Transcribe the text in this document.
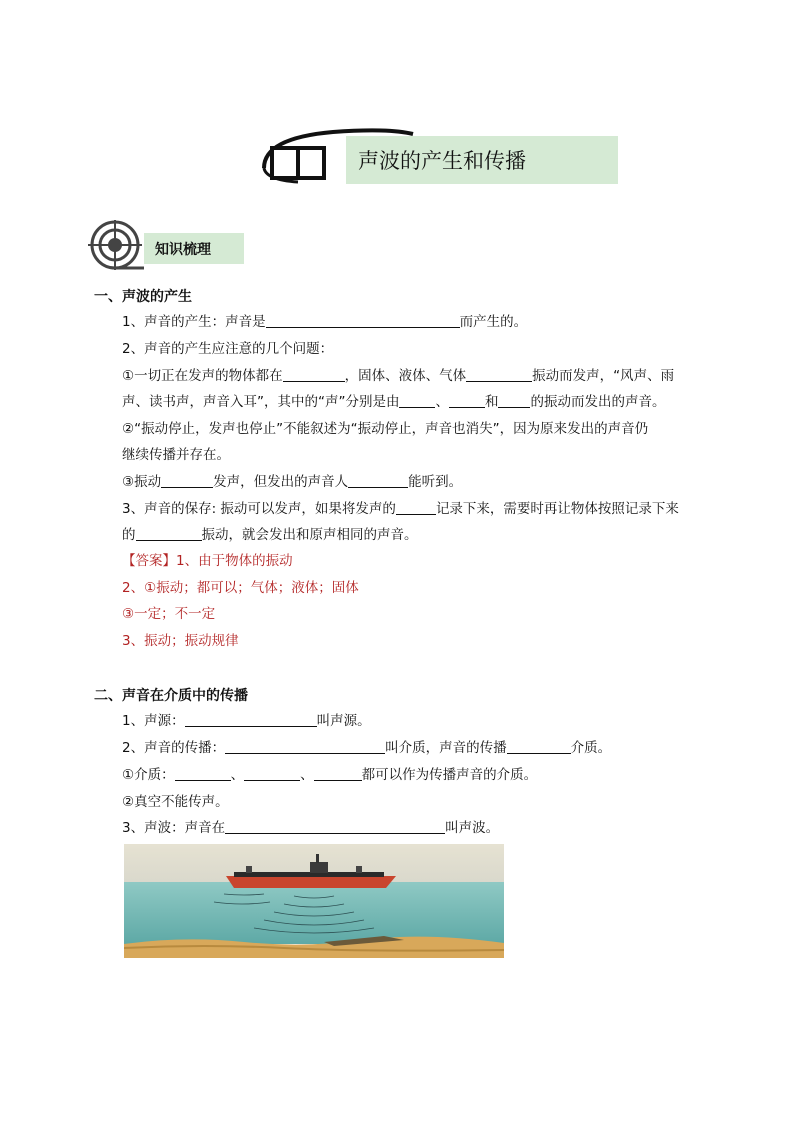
声波的产生和传播
知识梳理
一、声波的产生
1、声音的产生：声音是	而产生的。
2、声音的产生应注意的几个问题：
①一切正在发声的物体都在	，固体、液体、气体	振动而发声，“风声、雨
声、读书声，声音入耳”，其中的“声”分别是由	、	和 的振动而发出的声音。
②“振动停止，发声也停止”不能叙述为“振动停止，声音也消失”，因为原来发出的声音仍
继续传播并存在。
③振动	发声，但发出的声音人	能听到。
3、声音的保存: 振动可以发声，如果将发声的	记录下来，需要时再让物体按照记录下来
的	振动，就会发出和原声相同的声音。
【答案】1、由于物体的振动
2、①振动；都可以；气体；液体；固体
③一定；不一定
3、振动；振动规律
二、声音在介质中的传播
1、声源：	叫声源。
2、声音的传播：	叫介质，声音的传播	介质。
①介质：	、	、	都可以作为传播声音的介质。
②真空不能传声。
3、声波：声音在	叫声波。
